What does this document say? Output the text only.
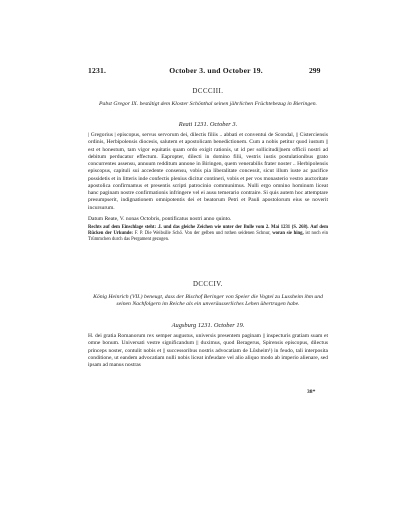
1231.	October 3. und October 19.	299

DCCCIII.

Pabst Gregor IX. bestätigt dem Kloster Schönthal seinen jährlichen Früchtebezug in Bieringen.

Reati 1231. October 3.

| Gregorius | episcopus, servus servorum dei, dilectis filiis .. abbati et conventui de Scondal, || Cisterciensis ordinis, Herbipolensis diocesis, salutem et apostolicam benedictionem. Cum a nobis petitur quod iustum || est et honestum, tam vigor equitatis quam ordo exigit rationis, ut id per sollicitudi||nem officii nostri ad debitum perducatur effectum. Eapropter, dilecti in domino filii, vestris iustis postulationibus grato concurrentes assensu, annuum redditum annone in Biringen, quem venerabilis frater noster .. Herbipolensis episcopus, capituli sui accedente consensu, vobis pia liberalitate concessit, sicut illum iuste ac pacifice possidetis et in litteris inde confectis plenius dicitur contineri, vobis et per vos monasterio vestro auctoritate apostolica confirmamus et presentis scripti patrocinio communimus. Nulli ergo omnino hominum liceat hanc paginam nostre confirmationis infringere vel ei ausu temerario contraire. Si quis autem hoc attemptare presumpserit, indignationem omnipotentis dei et beatorum Petri et Pauli apostolorum eius se noverit incursurum.

Datum Reate, V. nonas Octobris, pontificatus nostri anno quinto.

Rechts auf dem Einschlage steht: .I. und das gleiche Zeichen wie unter der Bulle vom 2. Mai 1231 (S. 268). Auf dem Rücken der Urkunde: F. P. Die Weibsille Schö. Von der gelben und rothen seidenen Schnur, woran sie hing, ist noch ein Trümmchen durch das Pergament gezogen.

DCCCIV.

König Heinrich (VII.) beneugt, dass der Bischof Beringer von Speier die Vogtei zu Lussheim ihm und seinen Nachfolgern im Reiche als ein unveräusserliches Lehen übertragen habe.

Augsburg 1231. October 19.

H. dei gratia Romanorum rex semper augustus, universis presentem paginam || inspecturis gratiam suam et omne bonum. Universati vestre significandum || duximus, quod Beragerus, Spirensis episcopus, dilectus princeps noster, contulit nobis et || successoribus nostris advocatiam de Lûsheim¹) in feudo, tali interposita conditione, ut eandem advocatiam nulli nobis liceat infeudare vel alio aliquo modo ab imperio alienare, sed ipsam ad manus nostras

38*
